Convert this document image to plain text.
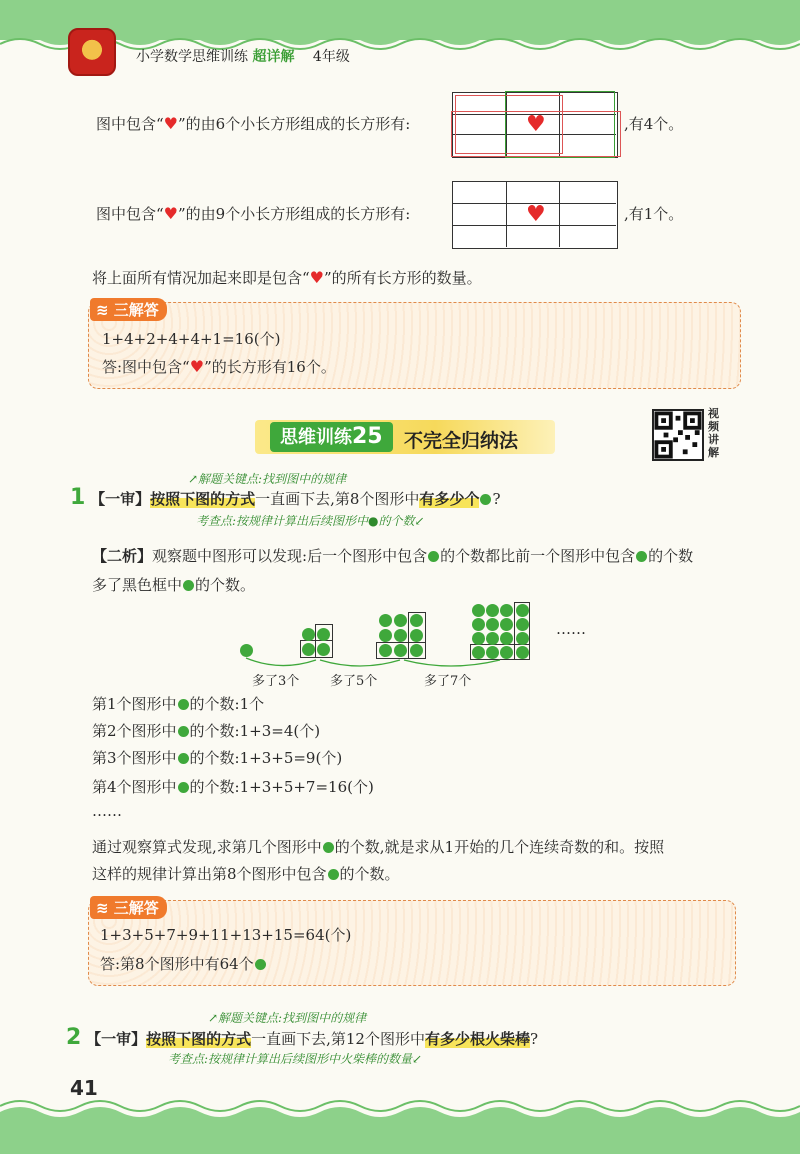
小学数学思维训练 超详解 4年级
图中包含“♥”的由6个小长方形组成的长方形有:	♥	,有4个。
图中包含“♥”的由9个小长方形组成的长方形有:	♥	,有1个。
将上面所有情况加起来即是包含“♥”的所有长方形的数量。
≋ 三解答
1+4+2+4+4+1=16(个)
答:图中包含“♥”的长方形有16个。
思维训练25	不完全归纳法
视频讲解
↗解题关键点:找到图中的规律
1 【一审】按照下图的方式一直画下去,第8个图形中有多少个 ?
考查点:按规律计算出后续图形中●的个数↙
【二析】观察题中图形可以发现:后一个图形中包含 的个数都比前一个图形中包含 的个数
多了黑色框中 的个数。
……
多了3个 多了5个	多了7个
第1个图形中 的个数:1个
第2个图形中 的个数:1+3=4(个)
第3个图形中 的个数:1+3+5=9(个)
第4个图形中 的个数:1+3+5+7=16(个)
……
通过观察算式发现,求第几个图形中 的个数,就是求从1开始的几个连续奇数的和。按照
这样的规律计算出第8个图形中包含 的个数。
≋ 三解答
1+3+5+7+9+11+13+15=64(个)
答:第8个图形中有64个
↗解题关键点:找到图中的规律
2 【一审】按照下图的方式一直画下去,第12个图形中有多少根火柴棒?
考查点:按规律计算出后续图形中火柴棒的数量↙
41
